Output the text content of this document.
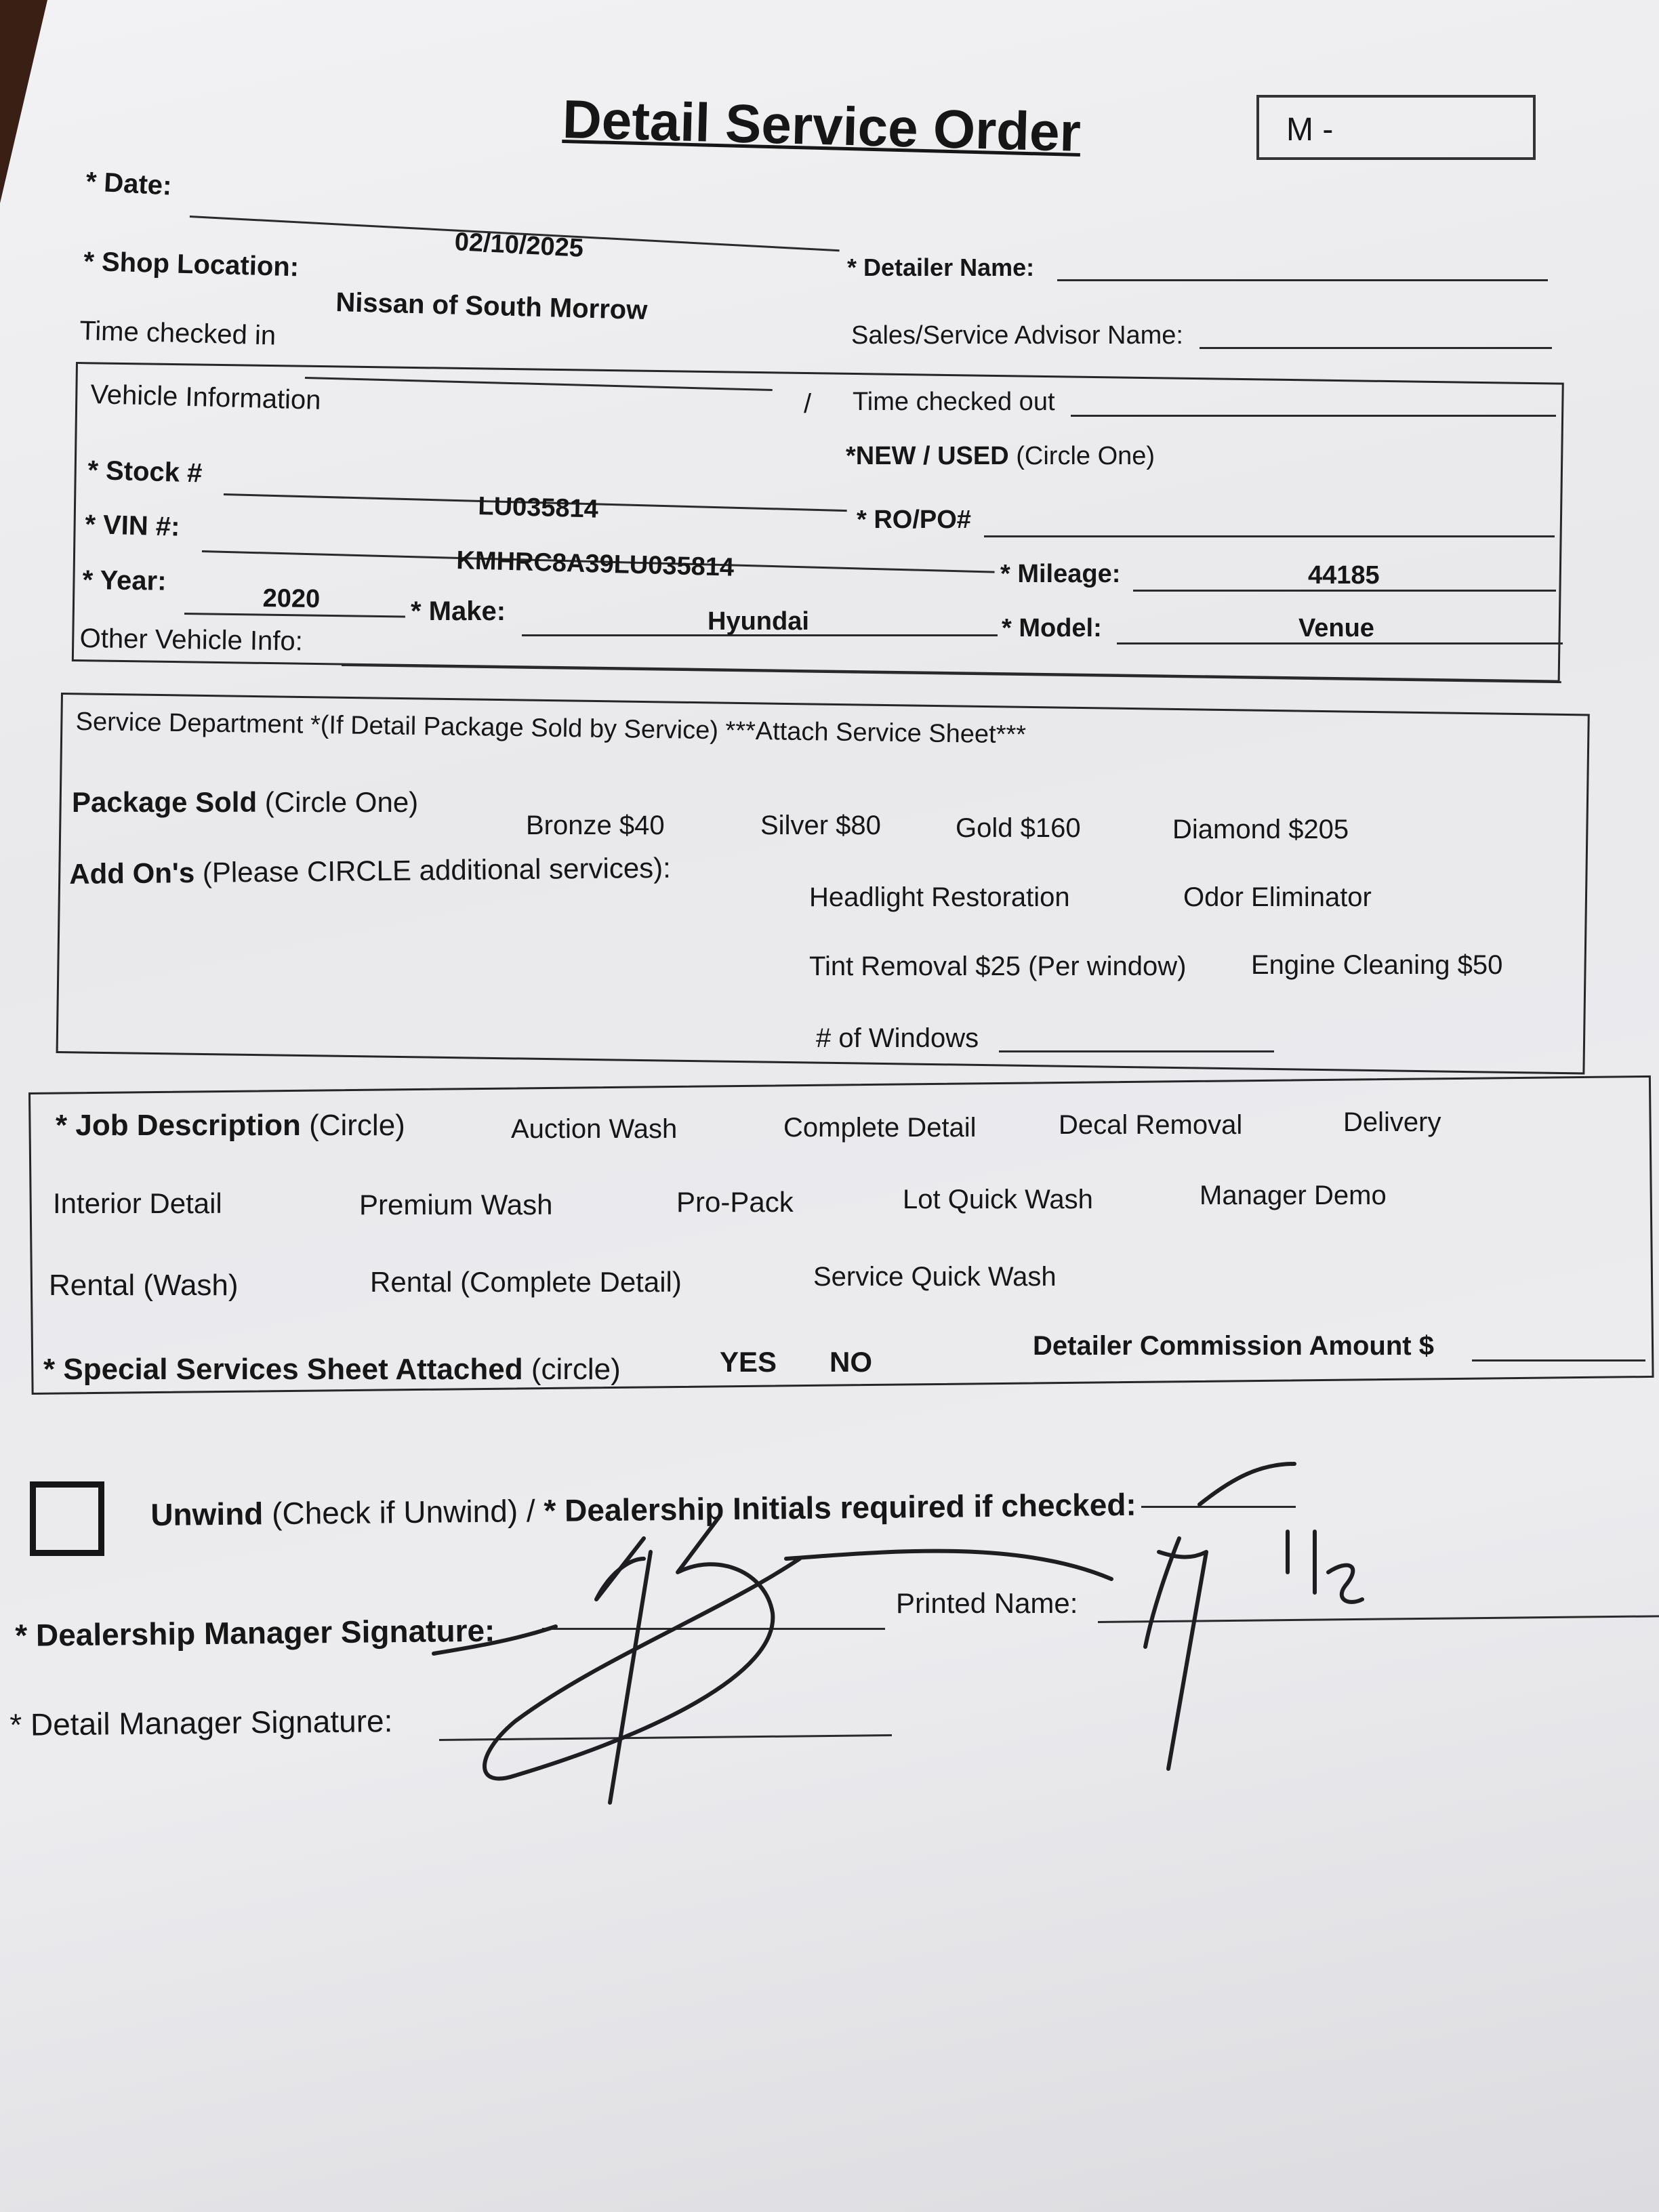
Detail Service Order	M -
* Date:
02/10/2025
* Detailer Name:
* Shop Location:
Nissan of South Morrow
Sales/Service Advisor Name:
Time checked in
/ Time checked out
Vehicle Information
*NEW / USED (Circle One)
* Stock #
LU035814	* RO/PO#
* VIN #:
KMHRC8A39LU035814	* Mileage:	44185
* Year:
2020	* Make:	Hyundai	* Model:	Venue
Other Vehicle Info:
Service Department *(If Detail Package Sold by Service) ***Attach Service Sheet***
Package Sold (Circle One)
Bronze $40	Silver $80	Gold $160	Diamond $205
Add On's (Please CIRCLE additional services):
Headlight Restoration	Odor Eliminator
Tint Removal $25 (Per window) Engine Cleaning $50
# of Windows
* Job Description (Circle)	Auction Wash	Complete Detail	Decal Removal	Delivery
Interior Detail	Premium Wash	Pro-Pack	Lot Quick Wash	Manager Demo
Rental (Wash)	Rental (Complete Detail)	Service Quick Wash
* Special Services Sheet Attached (circle)	YES NO	Detailer Commission Amount $
Unwind (Check if Unwind) / * Dealership Initials required if checked:
* Dealership Manager Signature:
Printed Name:
* Detail Manager Signature:
